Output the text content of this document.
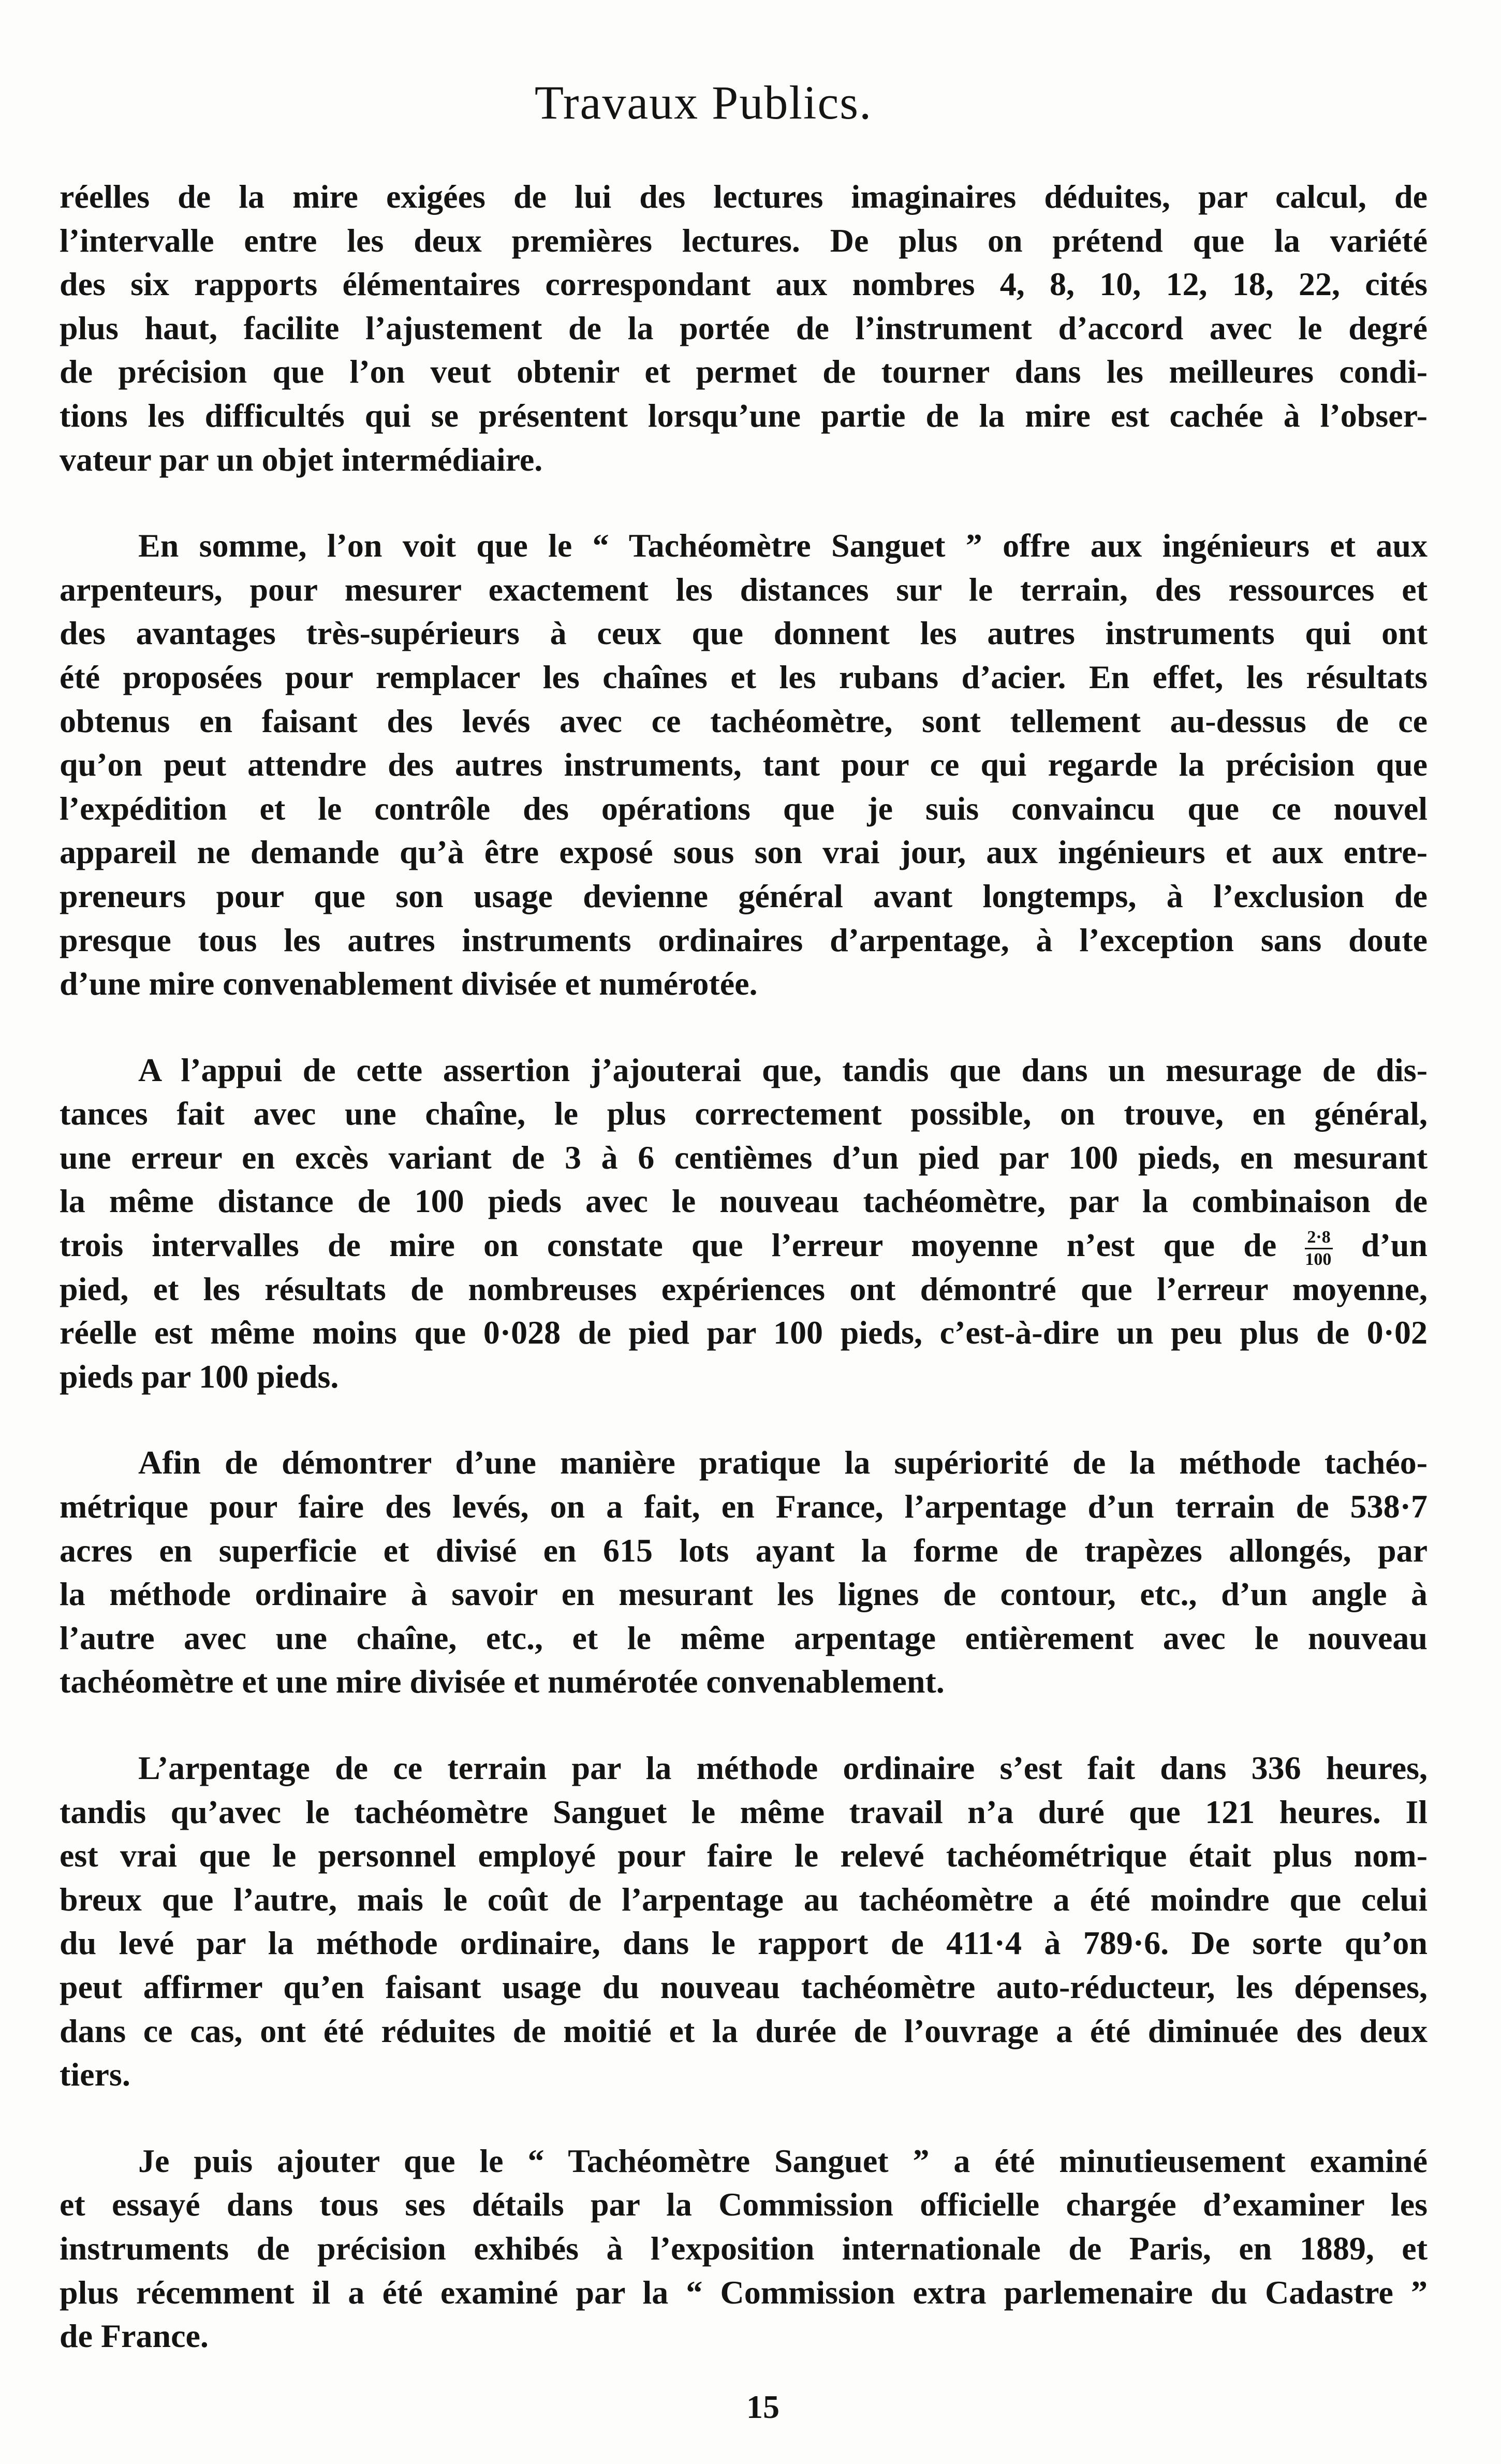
Travaux Publics.
réelles de la mire exigées de lui des lectures imaginaires déduites, par calcul, de
l’intervalle entre les deux premières lectures. De plus on prétend que la variété
des six rapports élémentaires correspondant aux nombres 4, 8, 10, 12, 18, 22, cités
plus haut, facilite l’ajustement de la portée de l’instrument d’accord avec le degré
de précision que l’on veut obtenir et permet de tourner dans les meilleures condi-
tions les difficultés qui se présentent lorsqu’une partie de la mire est cachée à l’obser-
vateur par un objet intermédiaire.
En somme, l’on voit que le “ Tachéomètre Sanguet ” offre aux ingénieurs et aux
arpenteurs, pour mesurer exactement les distances sur le terrain, des ressources et
des avantages très-supérieurs à ceux que donnent les autres instruments qui ont
été proposées pour remplacer les chaînes et les rubans d’acier. En effet, les résultats
obtenus en faisant des levés avec ce tachéomètre, sont tellement au-dessus de ce
qu’on peut attendre des autres instruments, tant pour ce qui regarde la précision que
l’expédition et le contrôle des opérations que je suis convaincu que ce nouvel
appareil ne demande qu’à être exposé sous son vrai jour, aux ingénieurs et aux entre-
preneurs pour que son usage devienne général avant longtemps, à l’exclusion de
presque tous les autres instruments ordinaires d’arpentage, à l’exception sans doute
d’une mire convenablement divisée et numérotée.
A l’appui de cette assertion j’ajouterai que, tandis que dans un mesurage de dis-
tances fait avec une chaîne, le plus correctement possible, on trouve, en général,
une erreur en excès variant de 3 à 6 centièmes d’un pied par 100 pieds, en mesurant
la même distance de 100 pieds avec le nouveau tachéomètre, par la combinaison de
trois intervalles de mire on constate que l’erreur moyenne n’est que de $\frac{2\cdot 8}{100}$ d’un
pied, et les résultats de nombreuses expériences ont démontré que l’erreur moyenne,
réelle est même moins que 0·028 de pied par 100 pieds, c’est-à-dire un peu plus de 0·02
pieds par 100 pieds.
Afin de démontrer d’une manière pratique la supériorité de la méthode tachéo-
métrique pour faire des levés, on a fait, en France, l’arpentage d’un terrain de 538·7
acres en superficie et divisé en 615 lots ayant la forme de trapèzes allongés, par
la méthode ordinaire à savoir en mesurant les lignes de contour, etc., d’un angle à
l’autre avec une chaîne, etc., et le même arpentage entièrement avec le nouveau
tachéomètre et une mire divisée et numérotée convenablement.
L’arpentage de ce terrain par la méthode ordinaire s’est fait dans 336 heures,
tandis qu’avec le tachéomètre Sanguet le même travail n’a duré que 121 heures. Il
est vrai que le personnel employé pour faire le relevé tachéométrique était plus nom-
breux que l’autre, mais le coût de l’arpentage au tachéomètre a été moindre que celui
du levé par la méthode ordinaire, dans le rapport de 411·4 à 789·6. De sorte qu’on
peut affirmer qu’en faisant usage du nouveau tachéomètre auto-réducteur, les dépenses,
dans ce cas, ont été réduites de moitié et la durée de l’ouvrage a été diminuée des deux
tiers.
Je puis ajouter que le “ Tachéomètre Sanguet ” a été minutieusement examiné
et essayé dans tous ses détails par la Commission officielle chargée d’examiner les
instruments de précision exhibés à l’exposition internationale de Paris, en 1889, et
plus récemment il a été examiné par la “ Commission extra parlemenaire du Cadastre ”
de France.
15
